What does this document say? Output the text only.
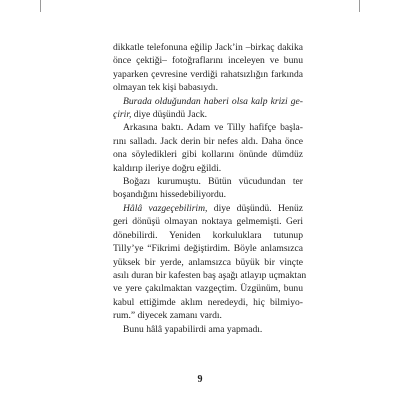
dikkatle telefonuna eğilip Jack’in –birkaç dakika
önce çektiği– fotoğraflarını inceleyen ve bunu
yaparken çevresine verdiği rahatsızlığın farkında
olmayan tek kişi babasıydı.

Burada olduğundan haberi olsa kalp krizi ge-
çirir, diye düşündü Jack.

Arkasına baktı. Adam ve Tilly hafifçe başla-
rını salladı. Jack derin bir nefes aldı. Daha önce
ona söyledikleri gibi kollarını önünde dümdüz
kaldırıp ileriye doğru eğildi.

Boğazı kurumuştu. Bütün vücudundan ter
boşandığını hissedebiliyordu.

Hâlâ vazgeçebilirim, diye düşündü. Henüz
geri dönüşü olmayan noktaya gelmemişti. Geri
dönebilirdi. Yeniden korkuluklara tutunup
Tilly’ye “Fikrimi değiştirdim. Böyle anlamsızca
yüksek bir yerde, anlamsızca büyük bir vinçte
asılı duran bir kafesten baş aşağı atlayıp uçmaktan
ve yere çakılmaktan vazgeçtim. Üzgünüm, bunu
kabul ettiğimde aklım neredeydi, hiç bilmiyo-
rum.” diyecek zamanı vardı.

Bunu hâlâ yapabilirdi ama yapmadı.

9
